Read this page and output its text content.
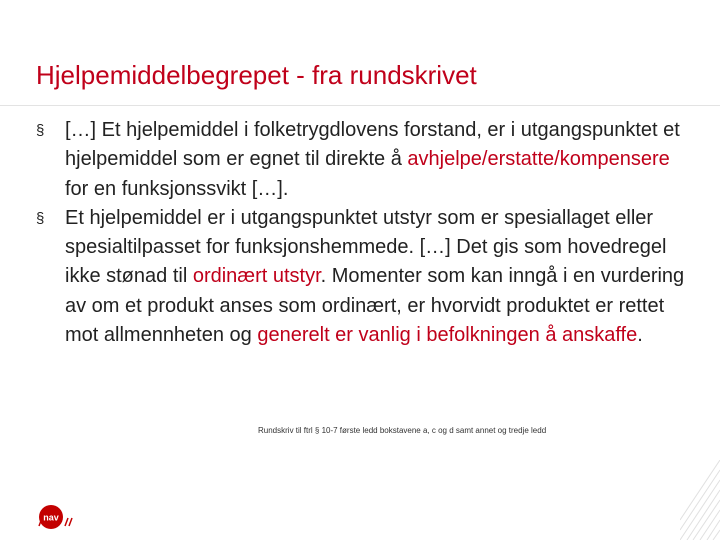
Hjelpemiddelbegrepet - fra rundskrivet
§
[…] Et hjelpemiddel i folketrygdlovens forstand, er i utgangspunktet et hjelpemiddel som er egnet til direkte å avhjelpe/erstatte/kompensere for en funksjonssvikt […].
§
Et hjelpemiddel er i utgangspunktet utstyr som er spesiallaget eller spesialtilpasset for funksjonshemmede. […] Det gis som hovedregel ikke stønad til ordinært utstyr. Momenter som kan inngå i en vurdering av om et produkt anses som ordinært, er hvorvidt produktet er rettet mot allmennheten og generelt er vanlig i befolkningen å anskaffe.
Rundskriv til ftrl § 10-7 første ledd bokstavene a, c og d samt annet og tredje ledd
nav
